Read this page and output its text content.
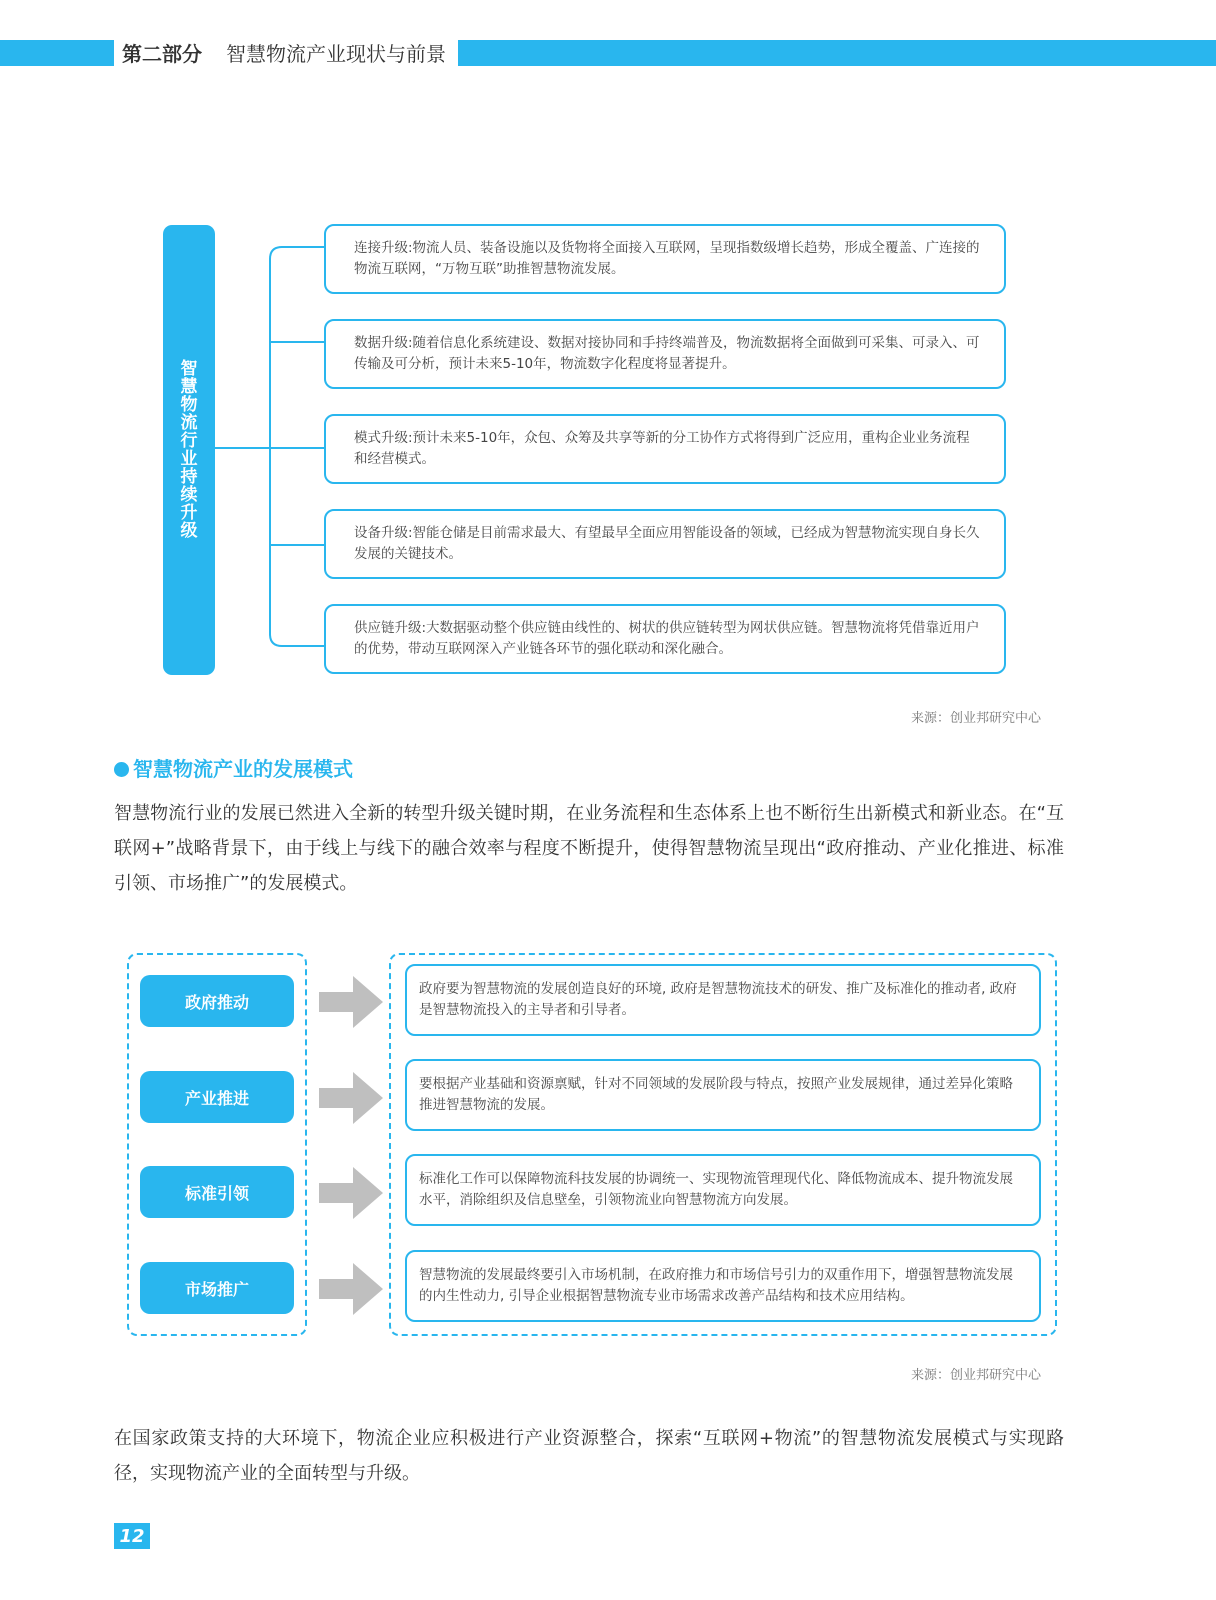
第二部分 智慧物流产业现状与前景
智慧物流行业持续升级
连接升级:物流人员、装备设施以及货物将全面接入互联网，呈现指数级增长趋势，形成全覆盖、广连接的物流互联网，“万物互联”助推智慧物流发展。
数据升级:随着信息化系统建设、数据对接协同和手持终端普及，物流数据将全面做到可采集、可录入、可传输及可分析，预计未来5-10年，物流数字化程度将显著提升。
模式升级:预计未来5-10年，众包、众筹及共享等新的分工协作方式将得到广泛应用，重构企业业务流程和经营模式。
设备升级:智能仓储是目前需求最大、有望最早全面应用智能设备的领域，已经成为智慧物流实现自身长久发展的关键技术。
供应链升级:大数据驱动整个供应链由线性的、树状的供应链转型为网状供应链。智慧物流将凭借靠近用户的优势，带动互联网深入产业链各环节的强化联动和深化融合。
来源：创业邦研究中心
智慧物流产业的发展模式
智慧物流行业的发展已然进入全新的转型升级关键时期，在业务流程和生态体系上也不断衍生出新模式和新业态。在“互联网+”战略背景下，由于线上与线下的融合效率与程度不断提升，使得智慧物流呈现出“政府推动、产业化推进、标准引领、市场推广”的发展模式。
政府推动
产业推进
标准引领
市场推广
政府要为智慧物流的发展创造良好的环境, 政府是智慧物流技术的研发、推广及标准化的推动者, 政府是智慧物流投入的主导者和引导者。
要根据产业基础和资源禀赋，针对不同领域的发展阶段与特点，按照产业发展规律，通过差异化策略推进智慧物流的发展。
标准化工作可以保障物流科技发展的协调统一、实现物流管理现代化、降低物流成本、提升物流发展水平，消除组织及信息壁垒，引领物流业向智慧物流方向发展。
智慧物流的发展最终要引入市场机制，在政府推力和市场信号引力的双重作用下，增强智慧物流发展的内生性动力, 引导企业根据智慧物流专业市场需求改善产品结构和技术应用结构。
来源：创业邦研究中心
在国家政策支持的大环境下，物流企业应积极进行产业资源整合，探索“互联网+物流”的智慧物流发展模式与实现路径，实现物流产业的全面转型与升级。
12
